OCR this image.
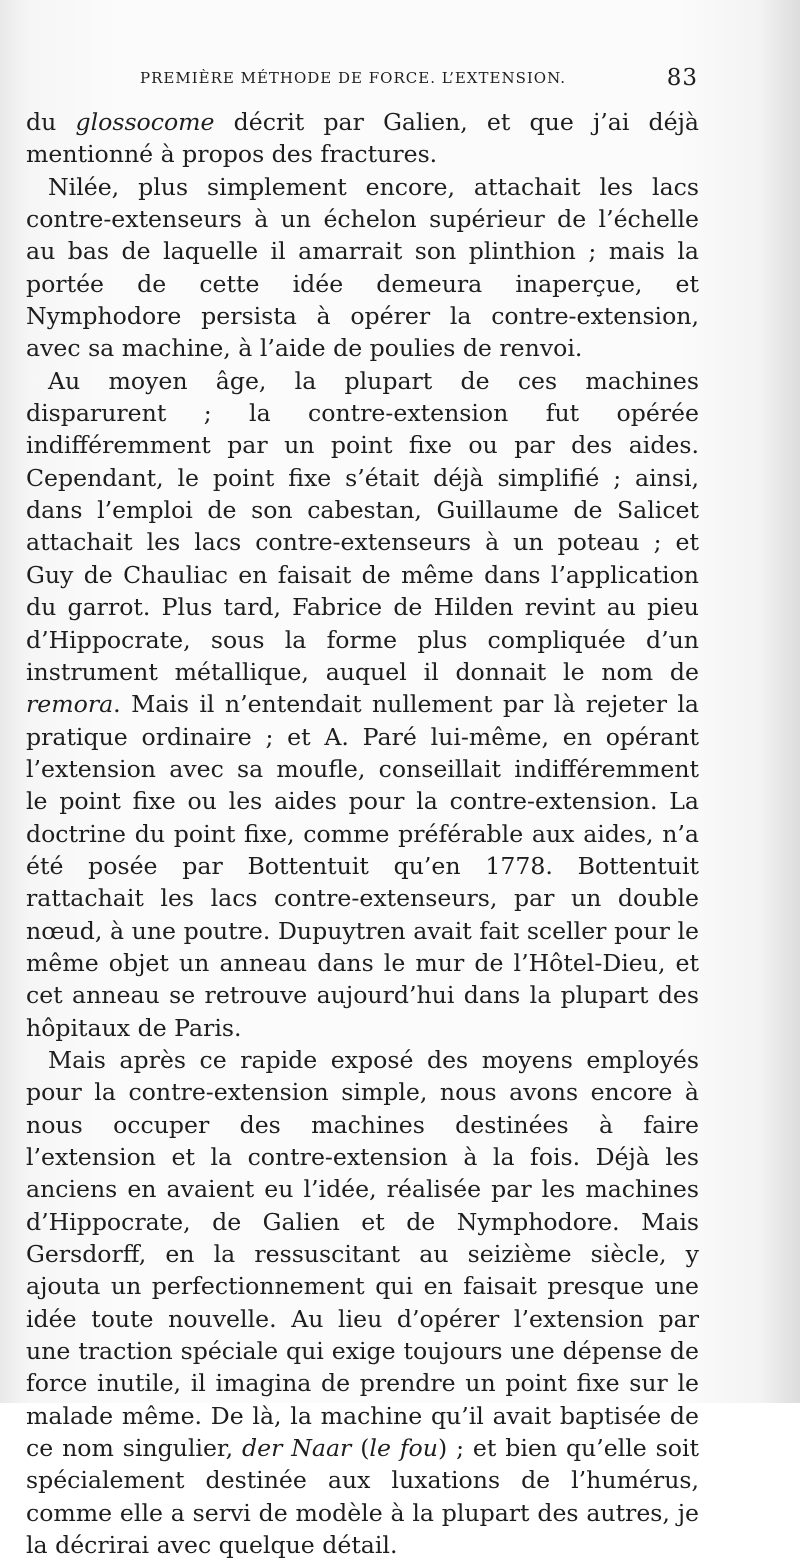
PREMIÈRE MÉTHODE DE FORCE. L’EXTENSION.	83

du glossocome décrit par Galien, et que j’ai déjà mentionné à propos des fractures.

Nilée, plus simplement encore, attachait les lacs contre-extenseurs à un échelon supérieur de l’échelle au bas de laquelle il amarrait son plinthion ; mais la portée de cette idée demeura inaperçue, et Nymphodore persista à opérer la contre-extension, avec sa machine, à l’aide de poulies de renvoi.

Au moyen âge, la plupart de ces machines disparurent ; la contre-extension fut opérée indifféremment par un point fixe ou par des aides. Cependant, le point fixe s’était déjà simplifié ; ainsi, dans l’emploi de son cabestan, Guillaume de Salicet attachait les lacs contre-extenseurs à un poteau ; et Guy de Chauliac en faisait de même dans l’application du garrot. Plus tard, Fabrice de Hilden revint au pieu d’Hippocrate, sous la forme plus compliquée d’un instrument métallique, auquel il donnait le nom de remora. Mais il n’entendait nullement par là rejeter la pratique ordinaire ; et A. Paré lui-même, en opérant l’extension avec sa moufle, conseillait indifféremment le point fixe ou les aides pour la contre-extension. La doctrine du point fixe, comme préférable aux aides, n’a été posée par Bottentuit qu’en 1778. Bottentuit rattachait les lacs contre-extenseurs, par un double nœud, à une poutre. Dupuytren avait fait sceller pour le même objet un anneau dans le mur de l’Hôtel-Dieu, et cet anneau se retrouve aujourd’hui dans la plupart des hôpitaux de Paris.

Mais après ce rapide exposé des moyens employés pour la contre-extension simple, nous avons encore à nous occuper des machines destinées à faire l’extension et la contre-extension à la fois. Déjà les anciens en avaient eu l’idée, réalisée par les machines d’Hippocrate, de Galien et de Nymphodore. Mais Gersdorff, en la ressuscitant au seizième siècle, y ajouta un perfectionnement qui en faisait presque une idée toute nouvelle. Au lieu d’opérer l’extension par une traction spéciale qui exige toujours une dépense de force inutile, il imagina de prendre un point fixe sur le malade même. De là, la machine qu’il avait baptisée de ce nom singulier, der Naar (le fou) ; et bien qu’elle soit spécialement destinée aux luxations de l’humérus, comme elle a servi de modèle à la plupart des autres, je la décrirai avec quelque détail.
